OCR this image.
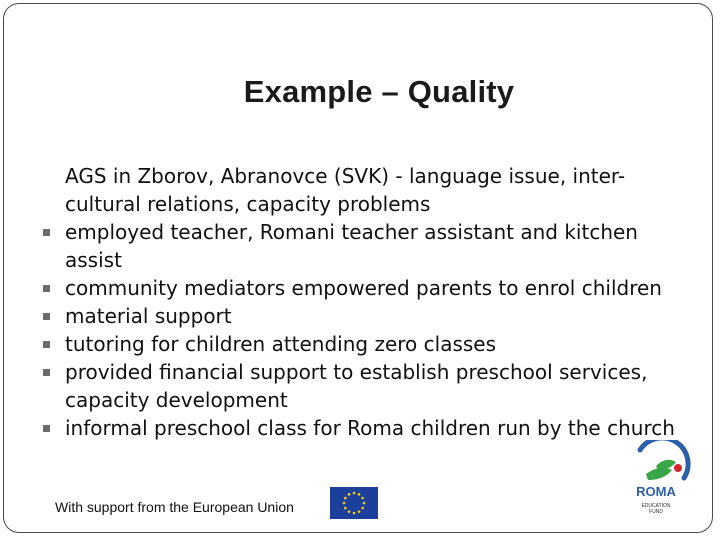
Example – Quality

AGS in Zborov, Abranovce (SVK) - language issue, inter-
cultural relations, capacity problems

employed teacher, Romani teacher assistant and kitchen assist
community mediators empowered parents to enrol children
material support
tutoring for children attending zero classes
provided financial support to establish preschool services, capacity development
informal preschool class for Roma children run by the church
With support from the European Union
ROMA
EDUCATION
FUND
